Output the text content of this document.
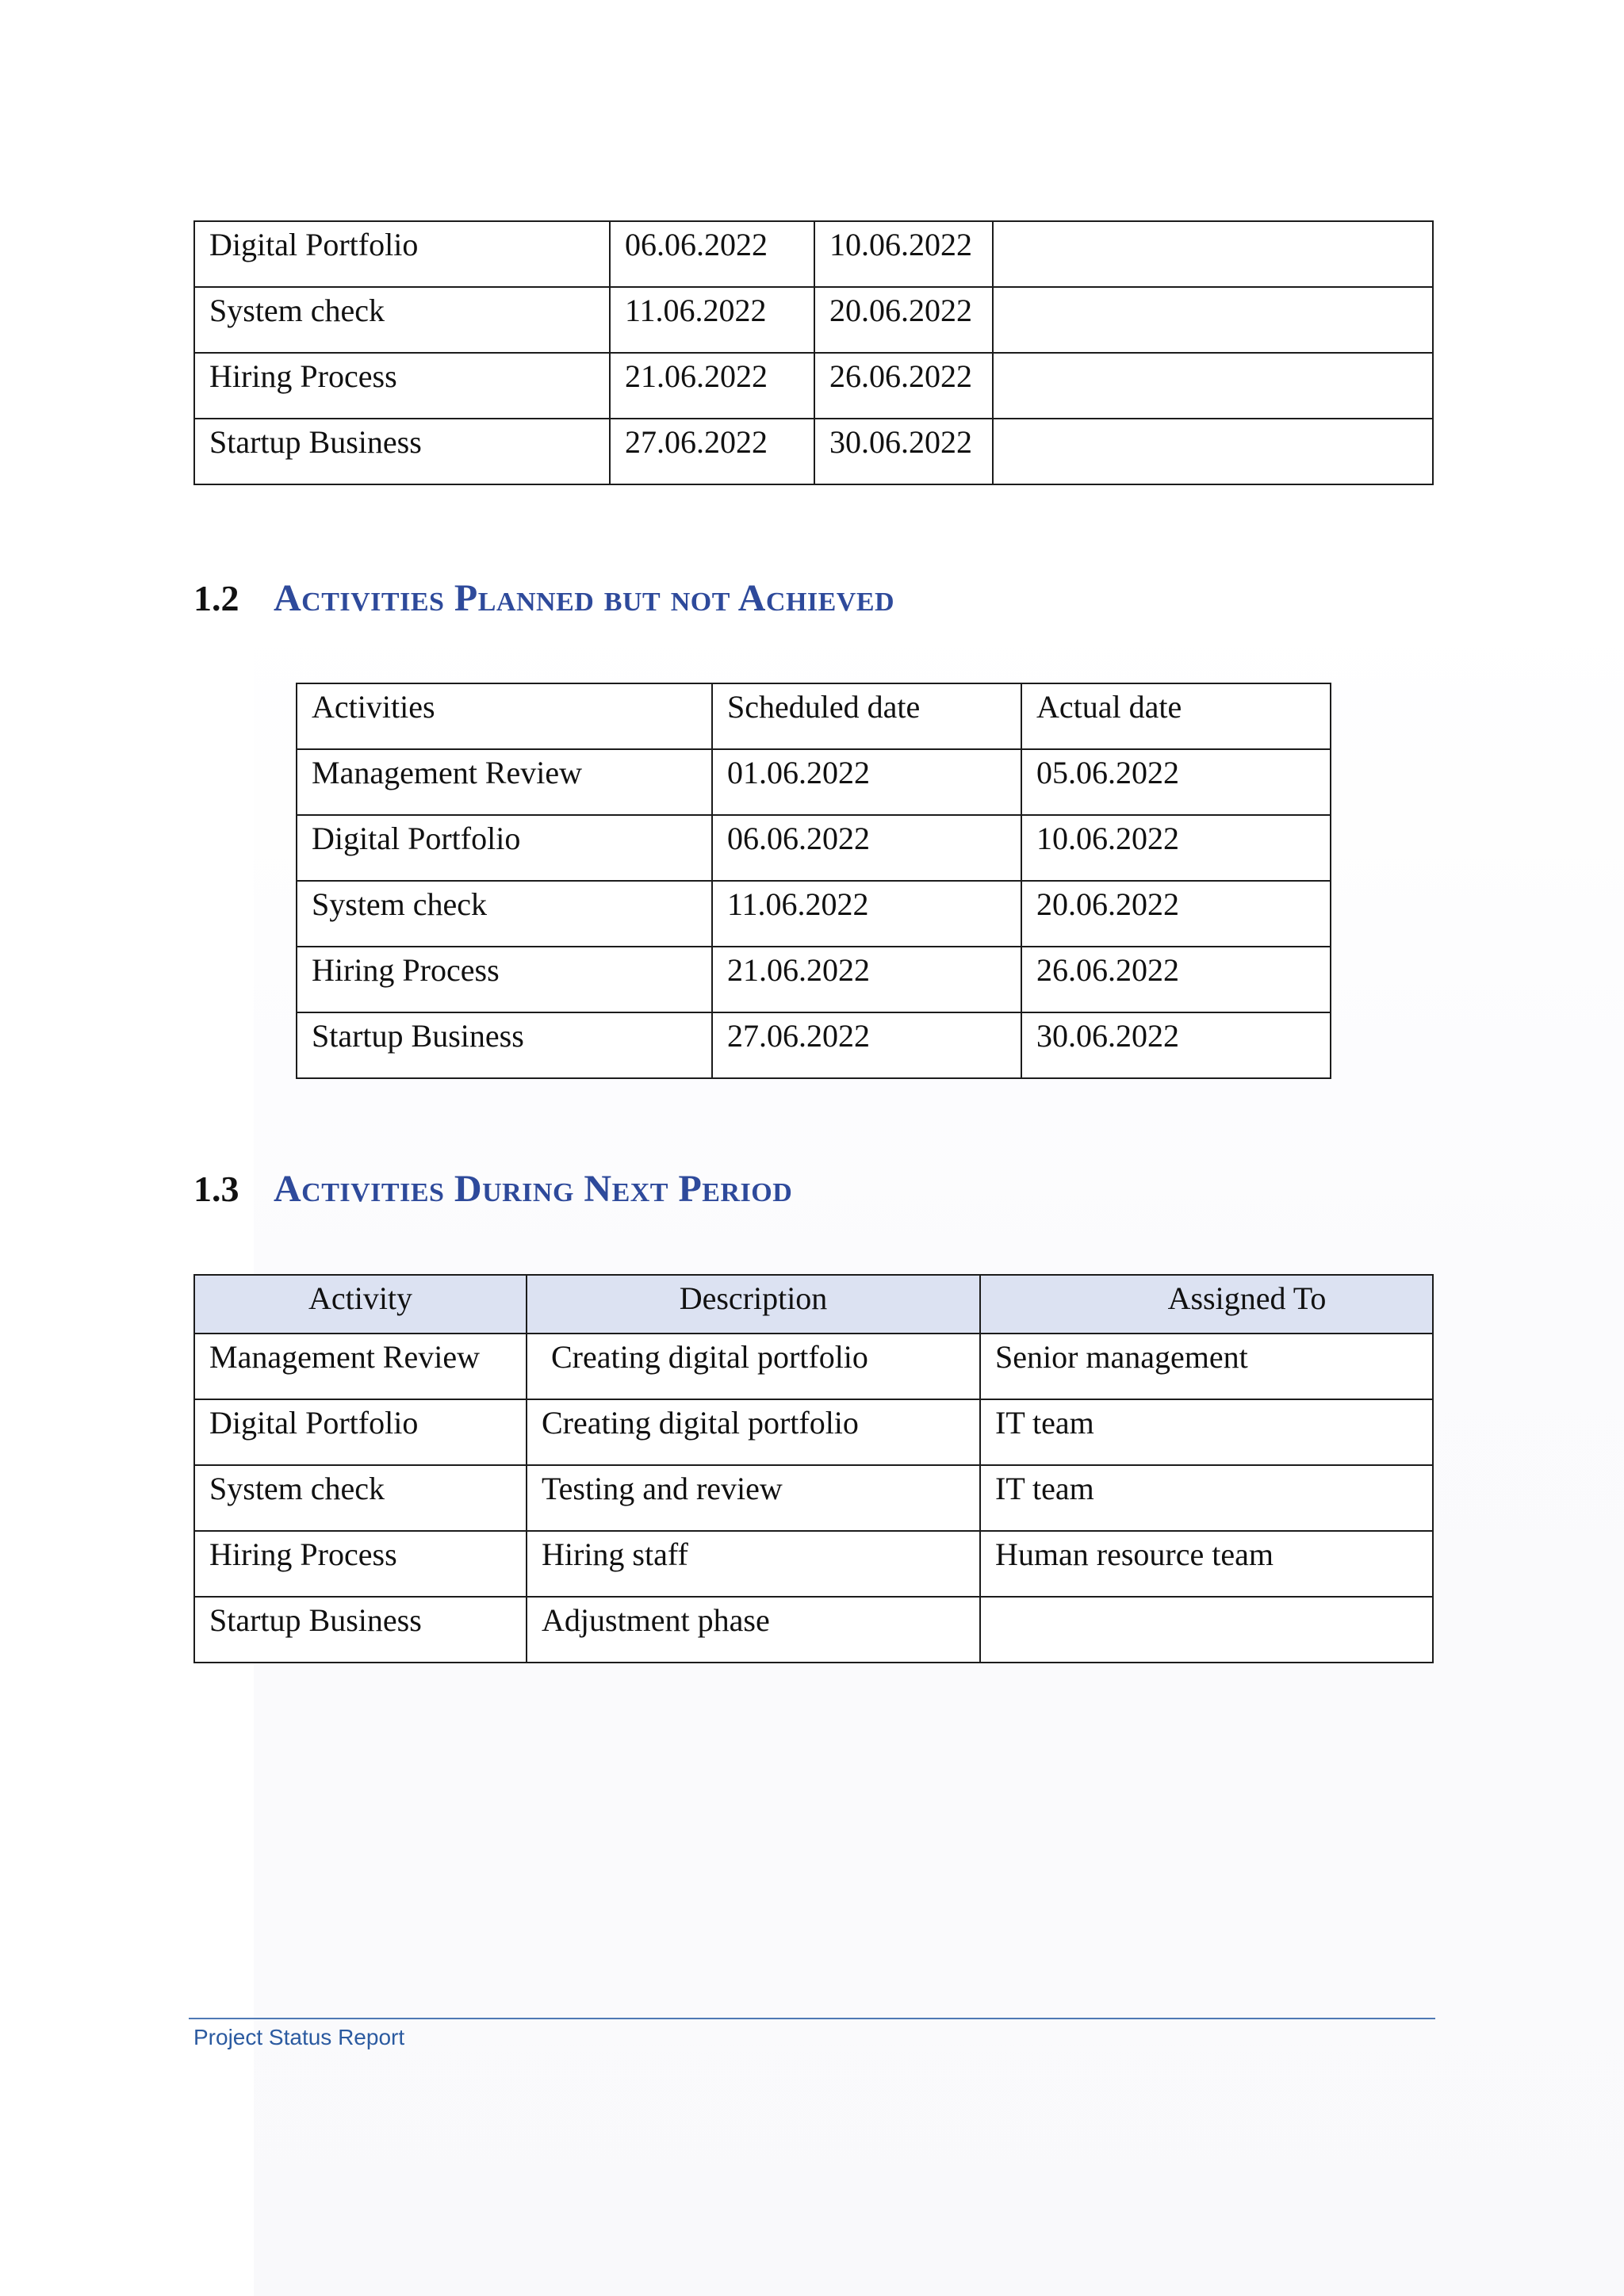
Digital Portfolio	06.06.2022	10.06.2022	
System check	11.06.2022	20.06.2022	
Hiring Process	21.06.2022	26.06.2022	
Startup Business	27.06.2022	30.06.2022	
1.2 Activities Planned but not Achieved
Activities	Scheduled date	Actual date
Management Review	01.06.2022	05.06.2022
Digital Portfolio	06.06.2022	10.06.2022
System check	11.06.2022	20.06.2022
Hiring Process	21.06.2022	26.06.2022
Startup Business	27.06.2022	30.06.2022
1.3 Activities During Next Period
Activity	Description	Assigned To
Management Review	Creating digital portfolio	Senior management
Digital Portfolio	Creating digital portfolio	IT team
System check	Testing and review	IT team
Hiring Process	Hiring staff	Human resource team
Startup Business	Adjustment phase	

Project Status Report
